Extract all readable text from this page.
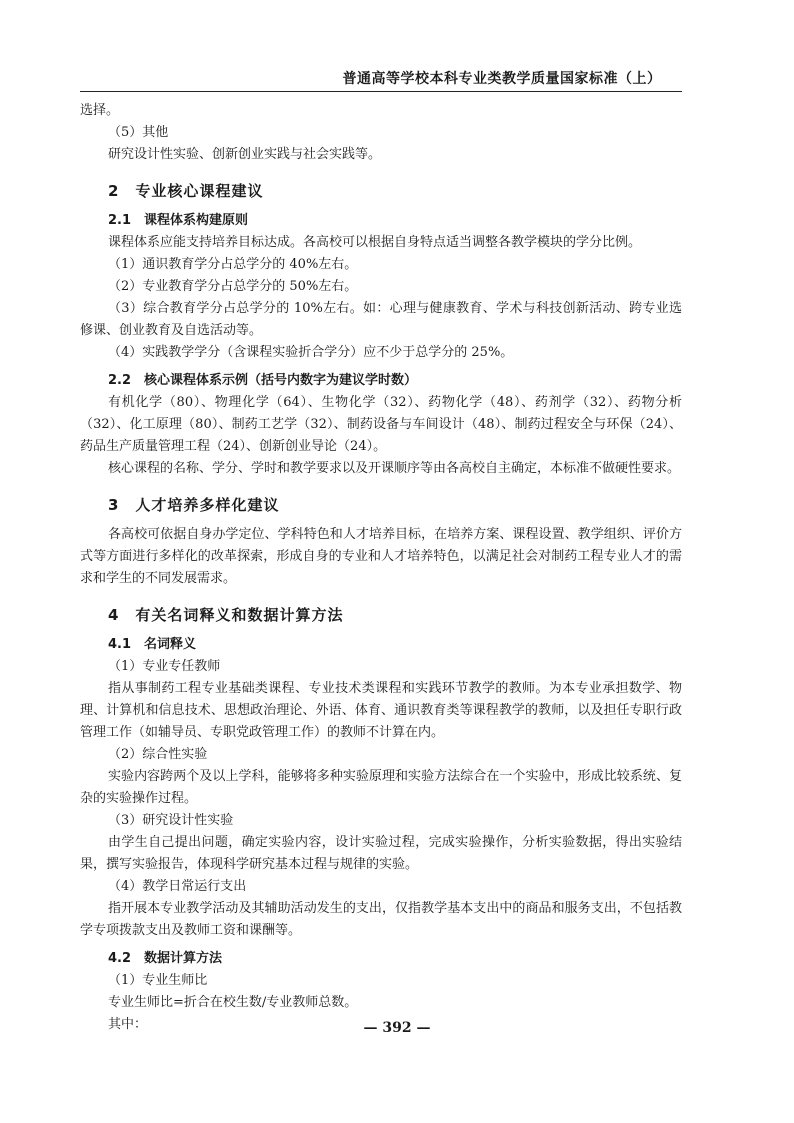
普通高等学校本科专业类教学质量国家标准（上）

选择。

（5）其他

研究设计性实验、创新创业实践与社会实践等。

2　专业核心课程建议
2.1　课程体系构建原则

课程体系应能支持培养目标达成。各高校可以根据自身特点适当调整各教学模块的学分比例。

（1）通识教育学分占总学分的 40%左右。

（2）专业教育学分占总学分的 50%左右。

（3）综合教育学分占总学分的 10%左右。如：心理与健康教育、学术与科技创新活动、跨专业选修课、创业教育及自选活动等。

（4）实践教学学分（含课程实验折合学分）应不少于总学分的 25%。

2.2　核心课程体系示例（括号内数字为建议学时数）

有机化学（80）、物理化学（64）、生物化学（32）、药物化学（48）、药剂学（32）、药物分析（32）、化工原理（80）、制药工艺学（32）、制药设备与车间设计（48）、制药过程安全与环保（24）、药品生产质量管理工程（24）、创新创业导论（24）。

核心课程的名称、学分、学时和教学要求以及开课顺序等由各高校自主确定，本标准不做硬性要求。

3　人才培养多样化建议

各高校可依据自身办学定位、学科特色和人才培养目标，在培养方案、课程设置、教学组织、评价方式等方面进行多样化的改革探索，形成自身的专业和人才培养特色，以满足社会对制药工程专业人才的需求和学生的不同发展需求。

4　有关名词释义和数据计算方法
4.1　名词释义

（1）专业专任教师

指从事制药工程专业基础类课程、专业技术类课程和实践环节教学的教师。为本专业承担数学、物理、计算机和信息技术、思想政治理论、外语、体育、通识教育类等课程教学的教师，以及担任专职行政管理工作（如辅导员、专职党政管理工作）的教师不计算在内。

（2）综合性实验

实验内容跨两个及以上学科，能够将多种实验原理和实验方法综合在一个实验中，形成比较系统、复杂的实验操作过程。

（3）研究设计性实验

由学生自己提出问题，确定实验内容，设计实验过程，完成实验操作，分析实验数据，得出实验结果，撰写实验报告，体现科学研究基本过程与规律的实验。

（4）教学日常运行支出

指开展本专业教学活动及其辅助活动发生的支出，仅指教学基本支出中的商品和服务支出，不包括教学专项拨款支出及教师工资和课酬等。

4.2　数据计算方法

（1）专业生师比

专业生师比=折合在校生数/专业教师总数。

其中：	— 392 —
